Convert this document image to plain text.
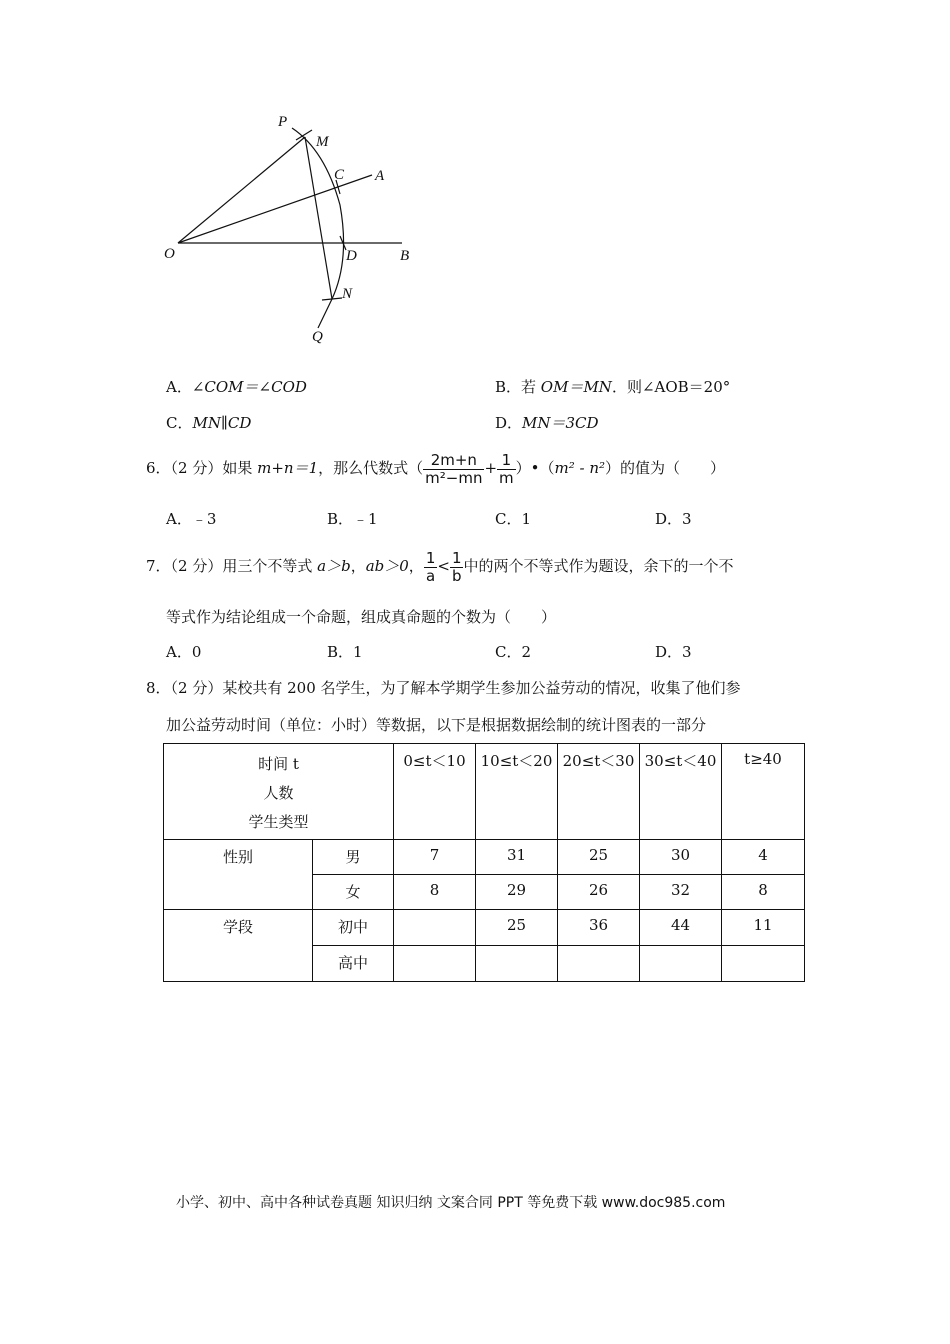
P
M
C A
O	D	B
N
Q
A．∠COM＝∠COD	B．若 OM＝MN．则∠AOB＝20°
C．MN∥CD	D．MN＝3CD
6．（2 分）如果 m+n＝1，那么代数式（ $\frac{2m+n}{\text{m²−mn}} + \frac{1}{m}$ ）•（m² - n²）的值为（　　）
A．﹣3	B．﹣1	C．1	D．3
7．（2 分）用三个不等式 a＞b，ab＞0， $\frac{1}{a} < \frac{1}{b}$ 中的两个不等式作为题设，余下的一个不
等式作为结论组成一个命题，组成真命题的个数为（　　）
A．0	B．1	C．2	D．3
8．（2 分）某校共有 200 名学生，为了解本学期学生参加公益劳动的情况，收集了他们参
加公益劳动时间（单位：小时）等数据，以下是根据数据绘制的统计图表的一部分
时间 t
人数
学生类型		0≤t＜10	10≤t＜20	20≤t＜30	30≤t＜40	t≥40
性别	男	7	31	25	30	4
	女	8	29	26	32	8
学段	初中		25	36	44	11
	高中					
小学、初中、高中各种试卷真题 知识归纳 文案合同 PPT 等免费下载 www.doc985.com
